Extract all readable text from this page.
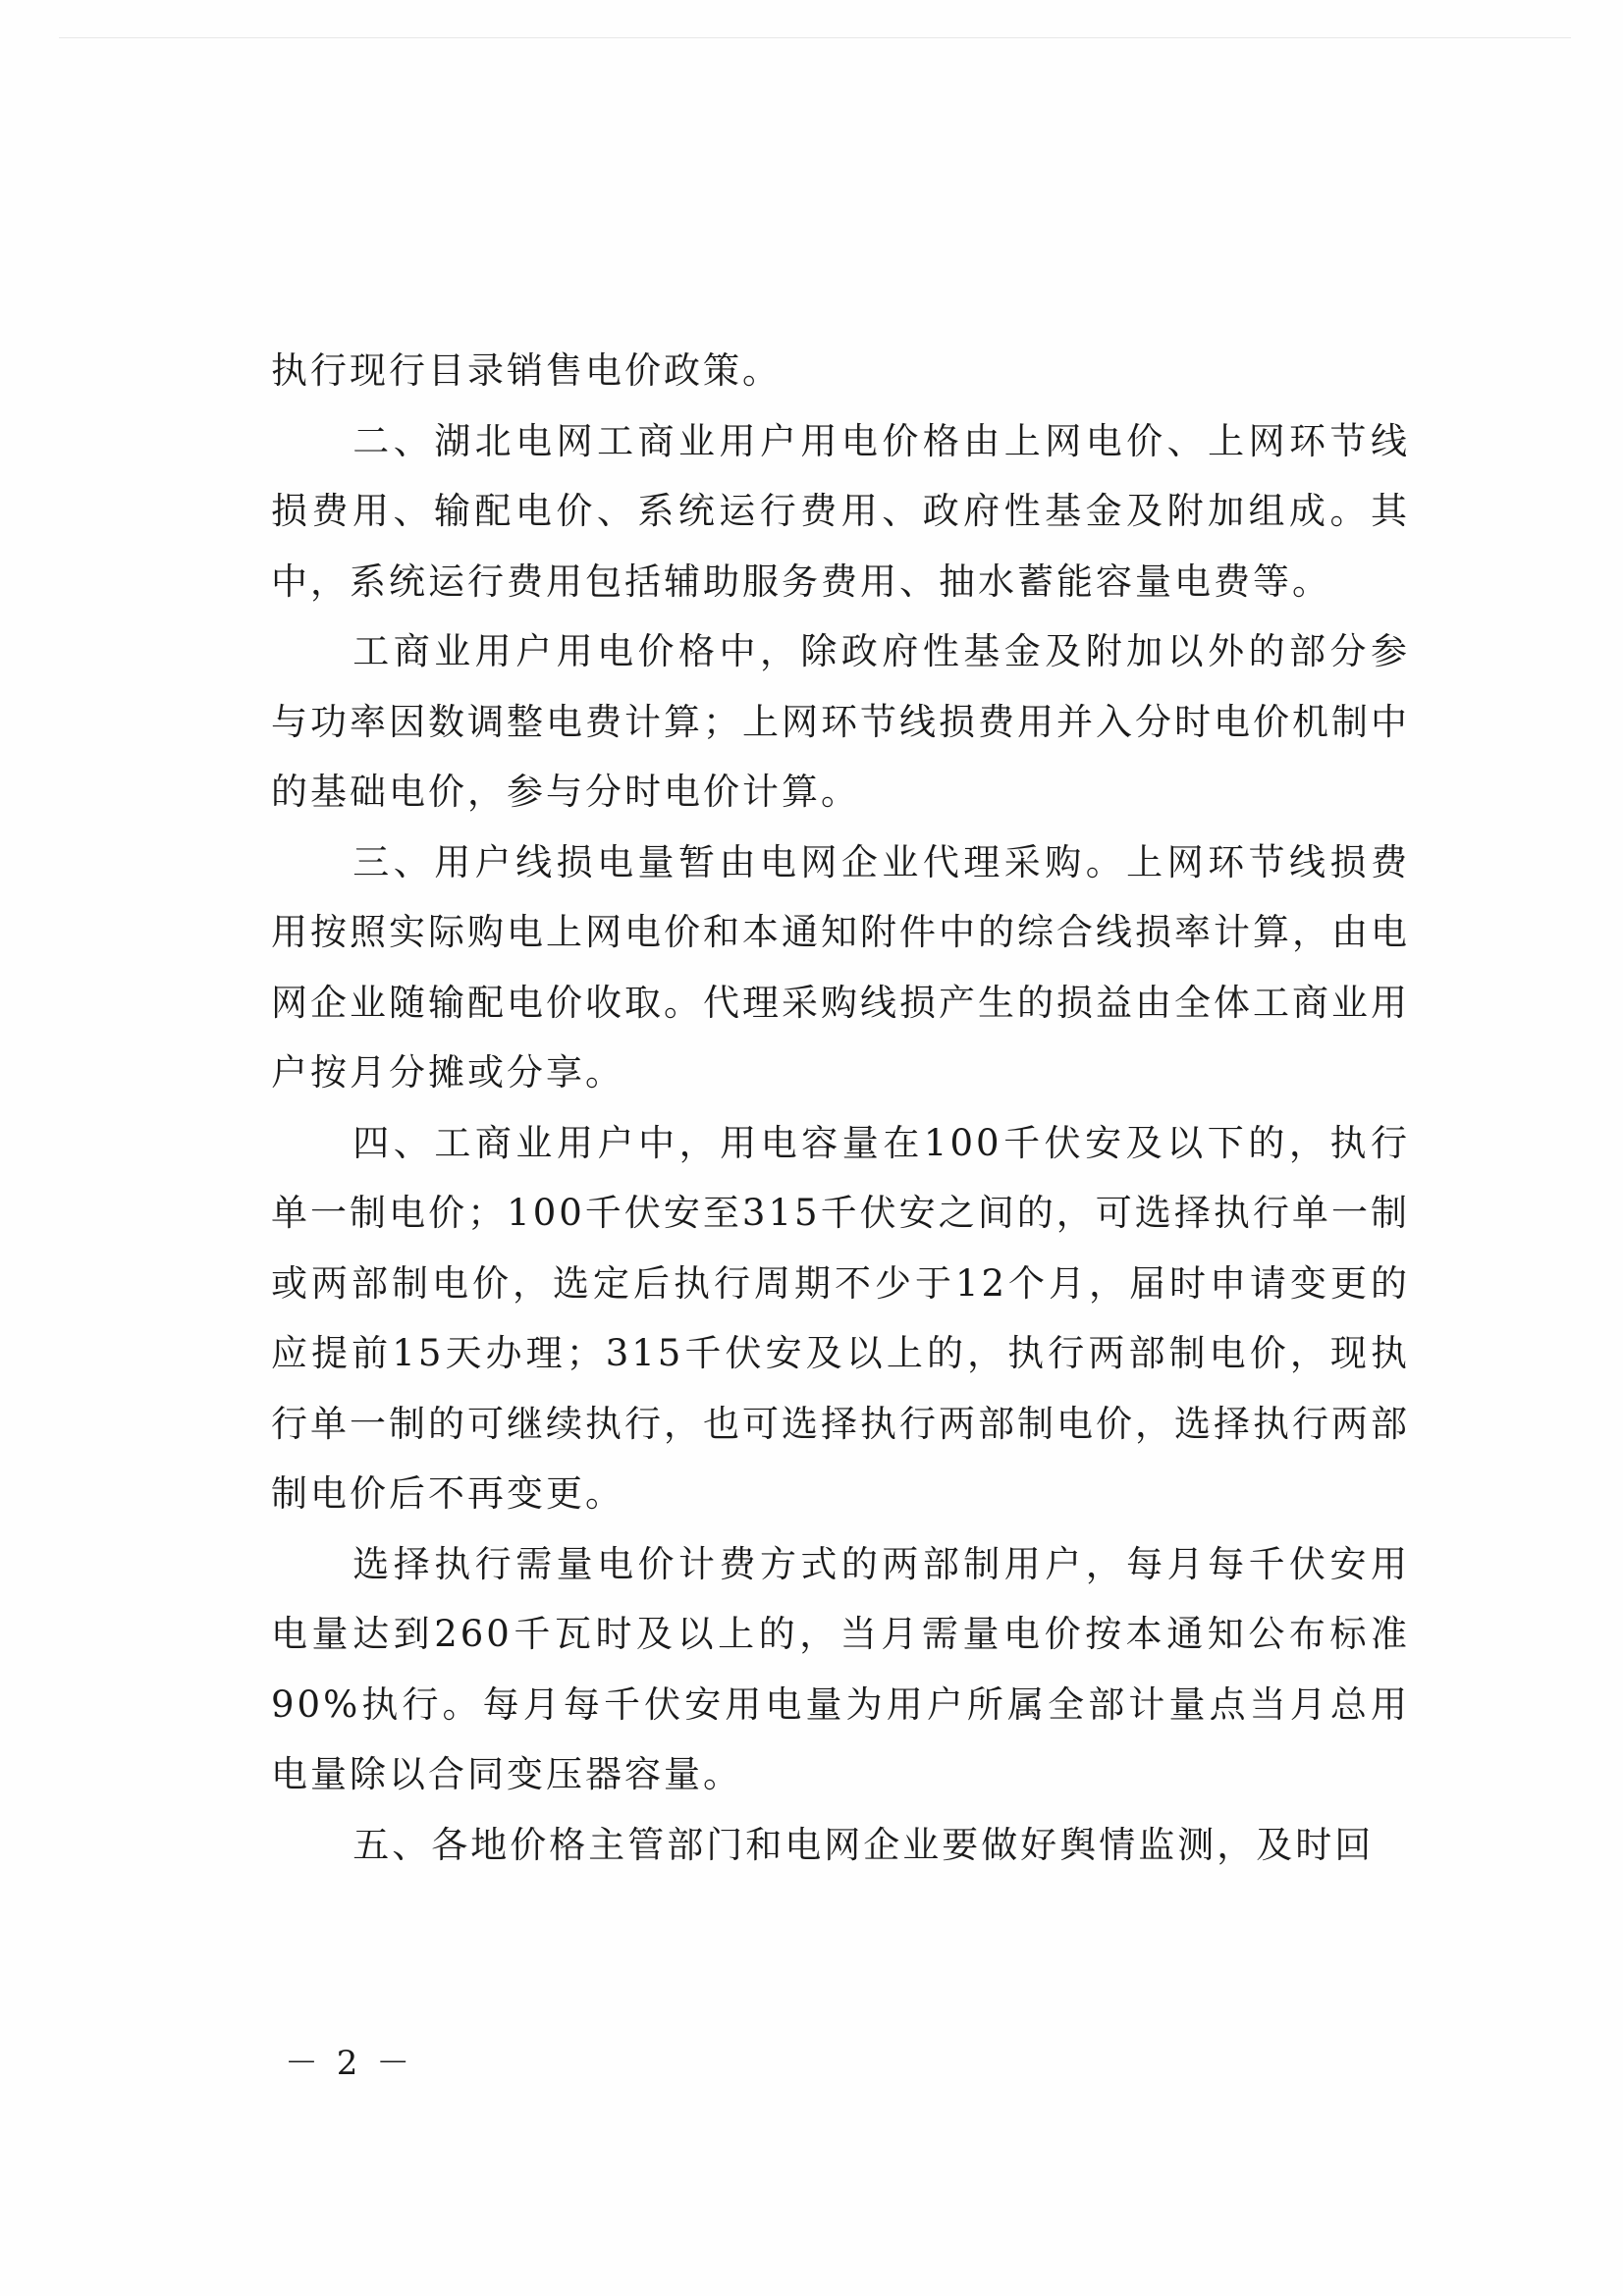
执行现行目录销售电价政策。

二、湖北电网工商业用户用电价格由上网电价、上网环节线损费用、输配电价、系统运行费用、政府性基金及附加组成。其中，系统运行费用包括辅助服务费用、抽水蓄能容量电费等。

工商业用户用电价格中，除政府性基金及附加以外的部分参与功率因数调整电费计算；上网环节线损费用并入分时电价机制中的基础电价，参与分时电价计算。

三、用户线损电量暂由电网企业代理采购。上网环节线损费用按照实际购电上网电价和本通知附件中的综合线损率计算，由电网企业随输配电价收取。代理采购线损产生的损益由全体工商业用户按月分摊或分享。

四、工商业用户中，用电容量在100千伏安及以下的，执行单一制电价；100千伏安至315千伏安之间的，可选择执行单一制或两部制电价，选定后执行周期不少于12个月，届时申请变更的应提前15天办理；315千伏安及以上的，执行两部制电价，现执行单一制的可继续执行，也可选择执行两部制电价，选择执行两部制电价后不再变更。

选择执行需量电价计费方式的两部制用户，每月每千伏安用电量达到260千瓦时及以上的，当月需量电价按本通知公布标准90%执行。每月每千伏安用电量为用户所属全部计量点当月总用电量除以合同变压器容量。

五、各地价格主管部门和电网企业要做好舆情监测，及时回

－ 2 －
